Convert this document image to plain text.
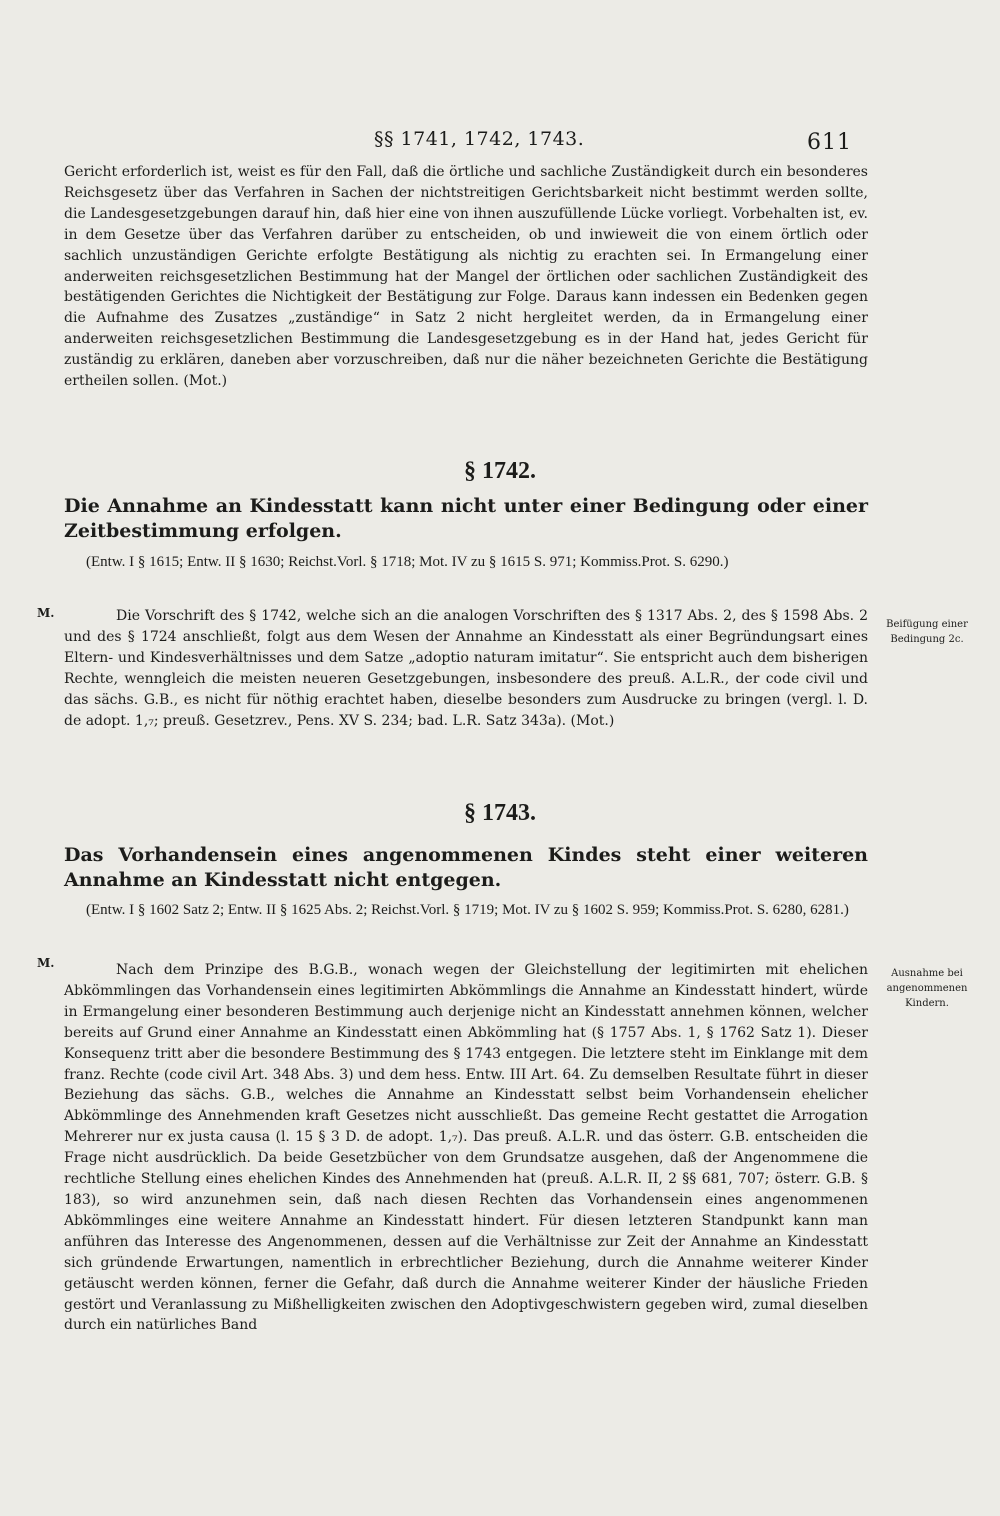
§§ 1741, 1742, 1743.	611

Gericht erforderlich ist, weist es für den Fall, daß die örtliche und sachliche Zuständigkeit durch ein besonderes Reichsgesetz über das Verfahren in Sachen der nichtstreitigen Gerichtsbarkeit nicht bestimmt werden sollte, die Landesgesetzgebungen darauf hin, daß hier eine von ihnen auszufüllende Lücke vorliegt. Vorbehalten ist, ev. in dem Gesetze über das Verfahren darüber zu entscheiden, ob und inwieweit die von einem örtlich oder sachlich unzuständigen Gerichte erfolgte Bestätigung als nichtig zu erachten sei. In Ermangelung einer anderweiten reichsgesetzlichen Bestimmung hat der Mangel der örtlichen oder sachlichen Zuständigkeit des bestätigenden Gerichtes die Nichtigkeit der Bestätigung zur Folge. Daraus kann indessen ein Bedenken gegen die Aufnahme des Zusatzes „zuständige“ in Satz 2 nicht hergleitet werden, da in Ermangelung einer anderweiten reichsgesetzlichen Bestimmung die Landesgesetzgebung es in der Hand hat, jedes Gericht für zuständig zu erklären, daneben aber vorzuschreiben, daß nur die näher bezeichneten Gerichte die Bestätigung ertheilen sollen. (Mot.)

§ 1742.

Die Annahme an Kindesstatt kann nicht unter einer Bedingung oder einer Zeitbestimmung erfolgen.

(Entw. I § 1615; Entw. II § 1630; Reichst.Vorl. § 1718; Mot. IV zu § 1615 S. 971; Kommiss.Prot. S. 6290.)

M.
Beifügung einer
Bedingung 2c.

Die Vorschrift des § 1742, welche sich an die analogen Vorschriften des § 1317 Abs. 2, des § 1598 Abs. 2 und des § 1724 anschließt, folgt aus dem Wesen der Annahme an Kindesstatt als einer Begründungsart eines Eltern- und Kindesverhältnisses und dem Satze „adoptio naturam imitatur“. Sie entspricht auch dem bisherigen Rechte, wenngleich die meisten neueren Gesetzgebungen, insbesondere des preuß. A.L.R., der code civil und das sächs. G.B., es nicht für nöthig erachtet haben, dieselbe besonders zum Ausdrucke zu bringen (vergl. l. D. de adopt. 1,₇; preuß. Gesetzrev., Pens. XV S. 234; bad. L.R. Satz 343a). (Mot.)

§ 1743.

Das Vorhandensein eines angenommenen Kindes steht einer weiteren Annahme an Kindesstatt nicht entgegen.

(Entw. I § 1602 Satz 2; Entw. II § 1625 Abs. 2; Reichst.Vorl. § 1719; Mot. IV zu § 1602 S. 959; Kommiss.Prot. S. 6280, 6281.)

M.
Ausnahme bei
angenommenen
Kindern.

Nach dem Prinzipe des B.G.B., wonach wegen der Gleichstellung der legitimirten mit ehelichen Abkömmlingen das Vorhandensein eines legitimirten Abkömmlings die Annahme an Kindesstatt hindert, würde in Ermangelung einer besonderen Bestimmung auch derjenige nicht an Kindesstatt annehmen können, welcher bereits auf Grund einer Annahme an Kindesstatt einen Abkömmling hat (§ 1757 Abs. 1, § 1762 Satz 1). Dieser Konsequenz tritt aber die besondere Bestimmung des § 1743 entgegen. Die letztere steht im Einklange mit dem franz. Rechte (code civil Art. 348 Abs. 3) und dem hess. Entw. III Art. 64. Zu demselben Resultate führt in dieser Beziehung das sächs. G.B., welches die Annahme an Kindesstatt selbst beim Vorhandensein ehelicher Abkömmlinge des Annehmenden kraft Gesetzes nicht ausschließt. Das gemeine Recht gestattet die Arrogation Mehrerer nur ex justa causa (l. 15 § 3 D. de adopt. 1,₇). Das preuß. A.L.R. und das österr. G.B. entscheiden die Frage nicht ausdrücklich. Da beide Gesetzbücher von dem Grundsatze ausgehen, daß der Angenommene die rechtliche Stellung eines ehelichen Kindes des Annehmenden hat (preuß. A.L.R. II, 2 §§ 681, 707; österr. G.B. § 183), so wird anzunehmen sein, daß nach diesen Rechten das Vorhandensein eines angenommenen Abkömmlinges eine weitere Annahme an Kindesstatt hindert. Für diesen letzteren Standpunkt kann man anführen das Interesse des Angenommenen, dessen auf die Verhältnisse zur Zeit der Annahme an Kindesstatt sich gründende Erwartungen, namentlich in erbrechtlicher Beziehung, durch die Annahme weiterer Kinder getäuscht werden können, ferner die Gefahr, daß durch die Annahme weiterer Kinder der häusliche Frieden gestört und Veranlassung zu Mißhelligkeiten zwischen den Adoptivgeschwistern gegeben wird, zumal dieselben durch ein natürliches Band
